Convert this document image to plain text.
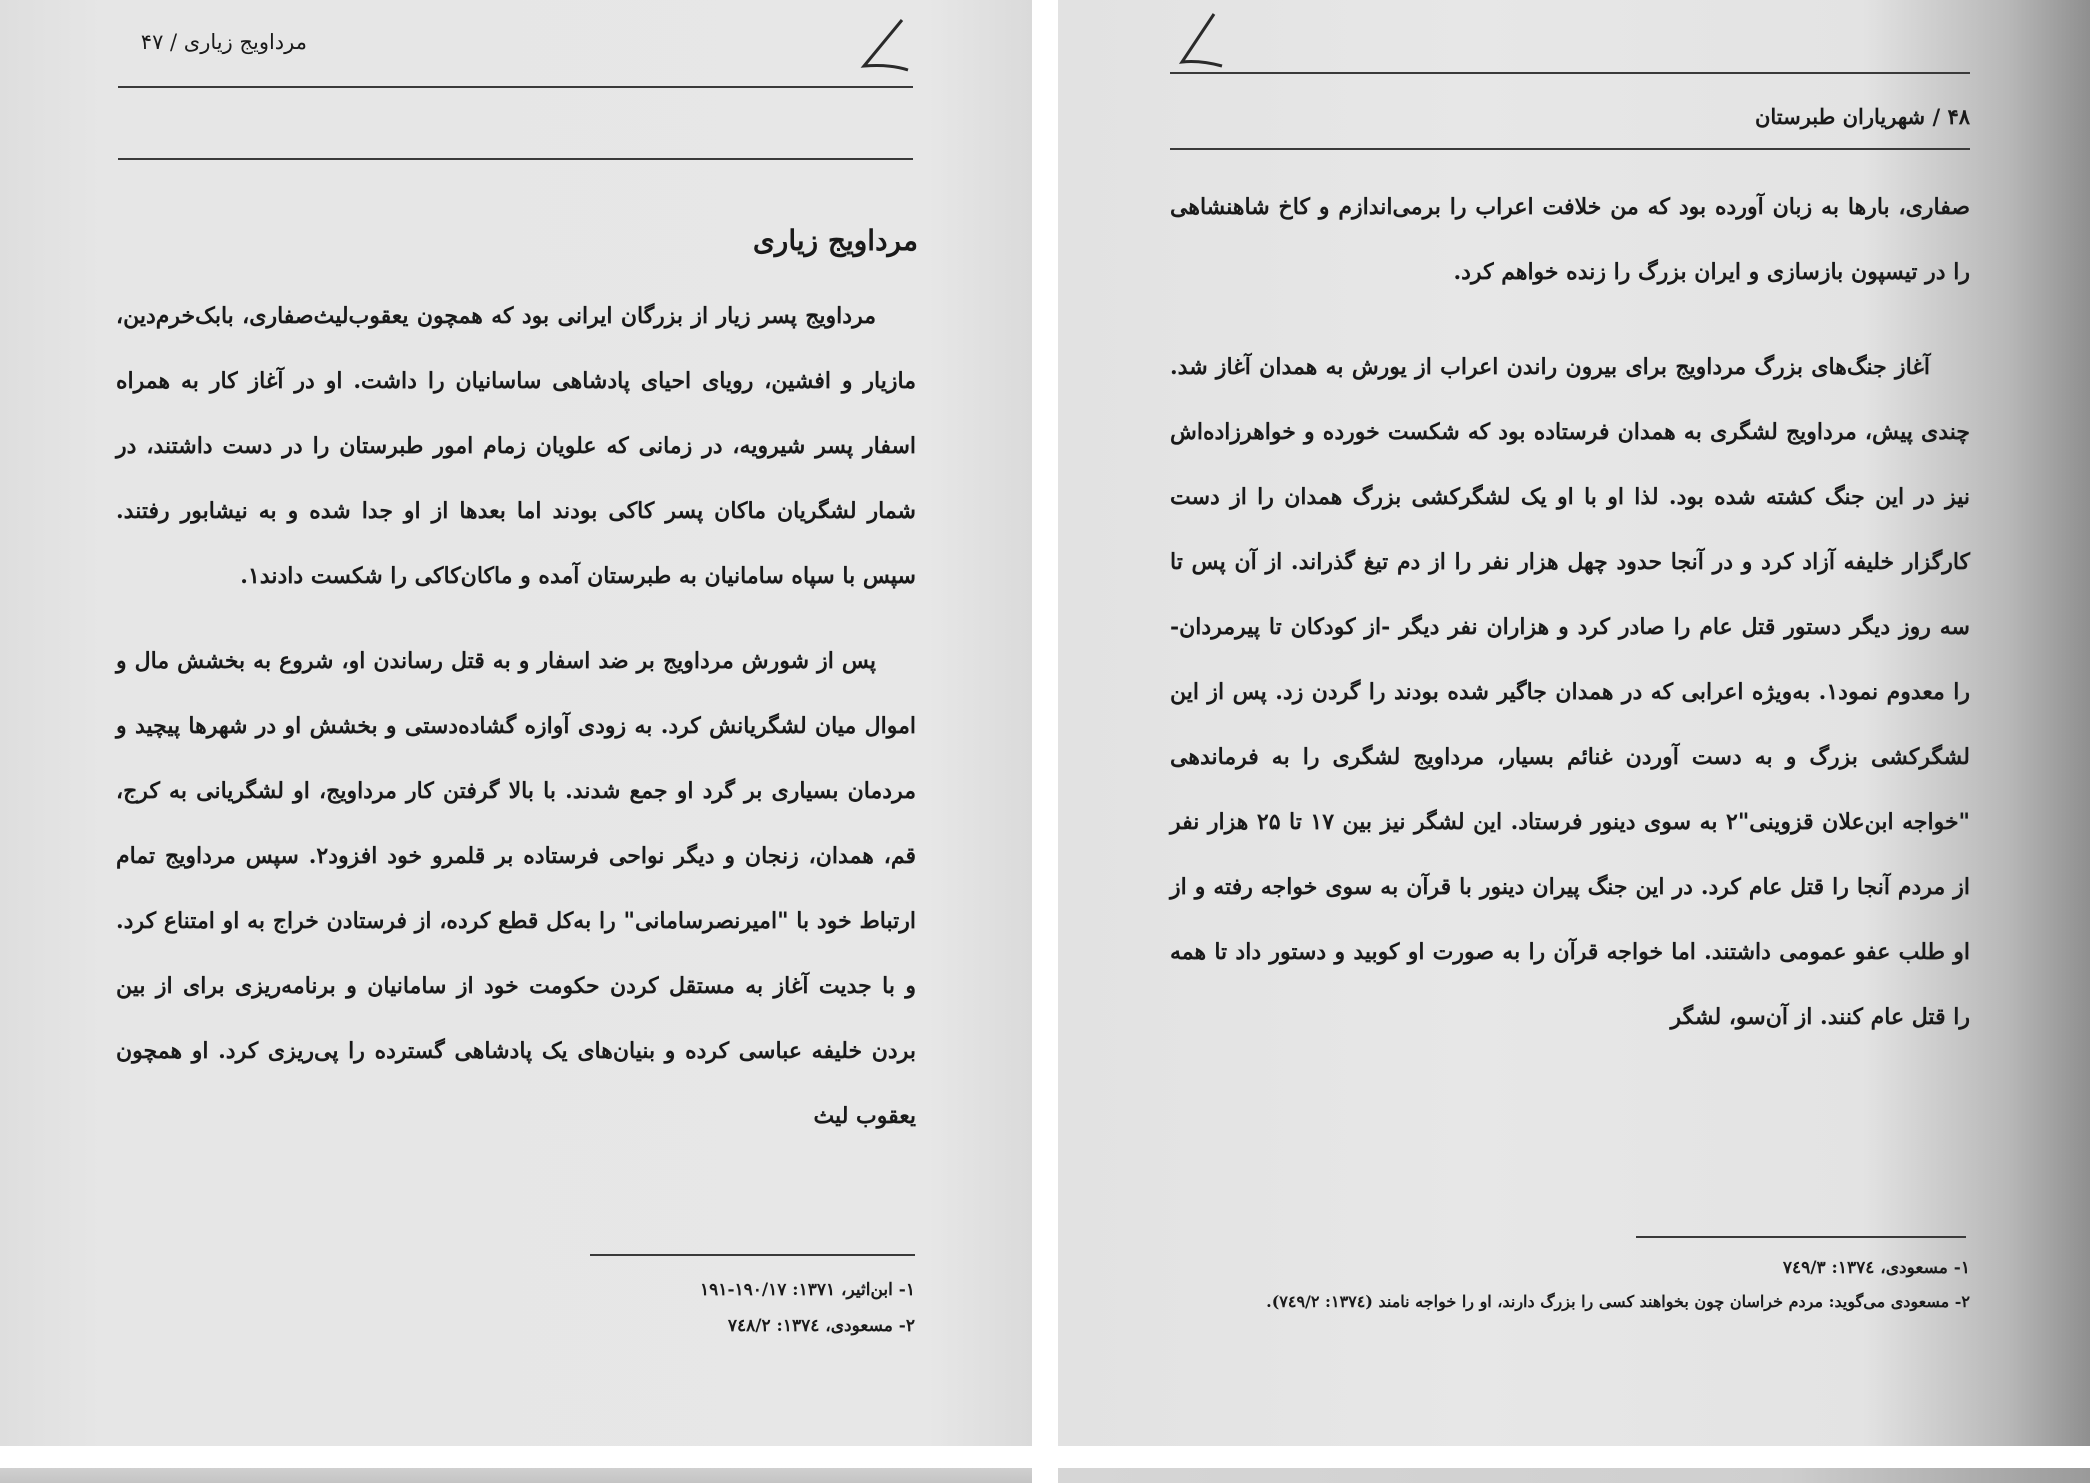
مرداویج زیاری / ۴۷
مرداویج زیاری

مرداویج پسر زیار از بزرگان ایرانی بود که همچون یعقوب‌لیث‌صفاری، بابک‌خرم‌دین، مازیار و افشین، رویای احیای پادشاهی ساسانیان را داشت. او در آغاز کار به همراه اسفار پسر شیرویه، در زمانی که علویان زمام امور طبرستان را در دست داشتند، در شمار لشگریان ماکان پسر کاکی بودند اما بعدها از او جدا شده و به نیشابور رفتند. سپس با سپاه سامانیان به طبرستان آمده و ماکان‌کاکی را شکست دادند۱.

پس از شورش مرداویج بر ضد اسفار و به قتل رساندن او، شروع به بخشش مال و اموال میان لشگریانش کرد. به زودی آوازه گشاده‌دستی و بخشش او در شهرها پیچید و مردمان بسیاری بر گرد او جمع شدند. با بالا گرفتن کار مرداویج، او لشگریانی به کرج، قم، همدان، زنجان و دیگر نواحی فرستاده بر قلمرو خود افزود۲. سپس مرداویج تمام ارتباط خود با "امیرنصرسامانی" را به‌کل قطع کرده، از فرستادن خراج به او امتناع کرد. و با جدیت آغاز به مستقل کردن حکومت خود از سامانیان و برنامه‌ریزی برای از بین بردن خلیفه عباسی کرده و بنیان‌های یک پادشاهی گسترده را پی‌ریزی کرد. او همچون یعقوب لیث

۱- ابن‌اثیر، ۱۳۷۱: ۱۹۰/۱۷-۱۹۱
۲- مسعودی، ۱۳۷٤: ۷٤۸/۲
۴۸ / شهریاران طبرستان

صفاری، بارها به زبان آورده بود که من خلافت اعراب را برمی‌اندازم و کاخ شاهنشاهی را در تیسپون بازسازی و ایران بزرگ را زنده خواهم کرد.

آغاز جنگ‌های بزرگ مرداویج برای بیرون راندن اعراب از یورش به همدان آغاز شد. چندی پیش، مرداویج لشگری به همدان فرستاده بود که شکست خورده و خواهرزاده‌اش نیز در این جنگ کشته شده بود. لذا او با او یک لشگرکشی بزرگ همدان را از دست کارگزار خلیفه آزاد کرد و در آنجا حدود چهل هزار نفر را از دم تیغ گذراند. از آن پس تا سه روز دیگر دستور قتل عام را صادر کرد و هزاران نفر دیگر -از کودکان تا پیرمردان- را معدوم نمود۱. به‌ویژه اعرابی که در همدان جاگیر شده بودند را گردن زد. پس از این لشگرکشی بزرگ و به دست آوردن غنائم بسیار، مرداویج لشگری را به فرماندهی "خواجه ابن‌علان قزوینی"۲ به سوی دینور فرستاد. این لشگر نیز بین ۱۷ تا ۲۵ هزار نفر از مردم آنجا را قتل عام کرد. در این جنگ پیران دینور با قرآن به سوی خواجه رفته و از او طلب عفو عمومی داشتند. اما خواجه قرآن را به صورت او کوبید و دستور داد تا همه را قتل عام کنند. از آن‌سو، لشگر

۱- مسعودی، ۱۳۷٤: ۷٤۹/۳
۲- مسعودی می‌گوید: مردم خراسان چون بخواهند کسی را بزرگ دارند، او را خواجه نامند (۱۳۷٤: ۷٤۹/۲).
